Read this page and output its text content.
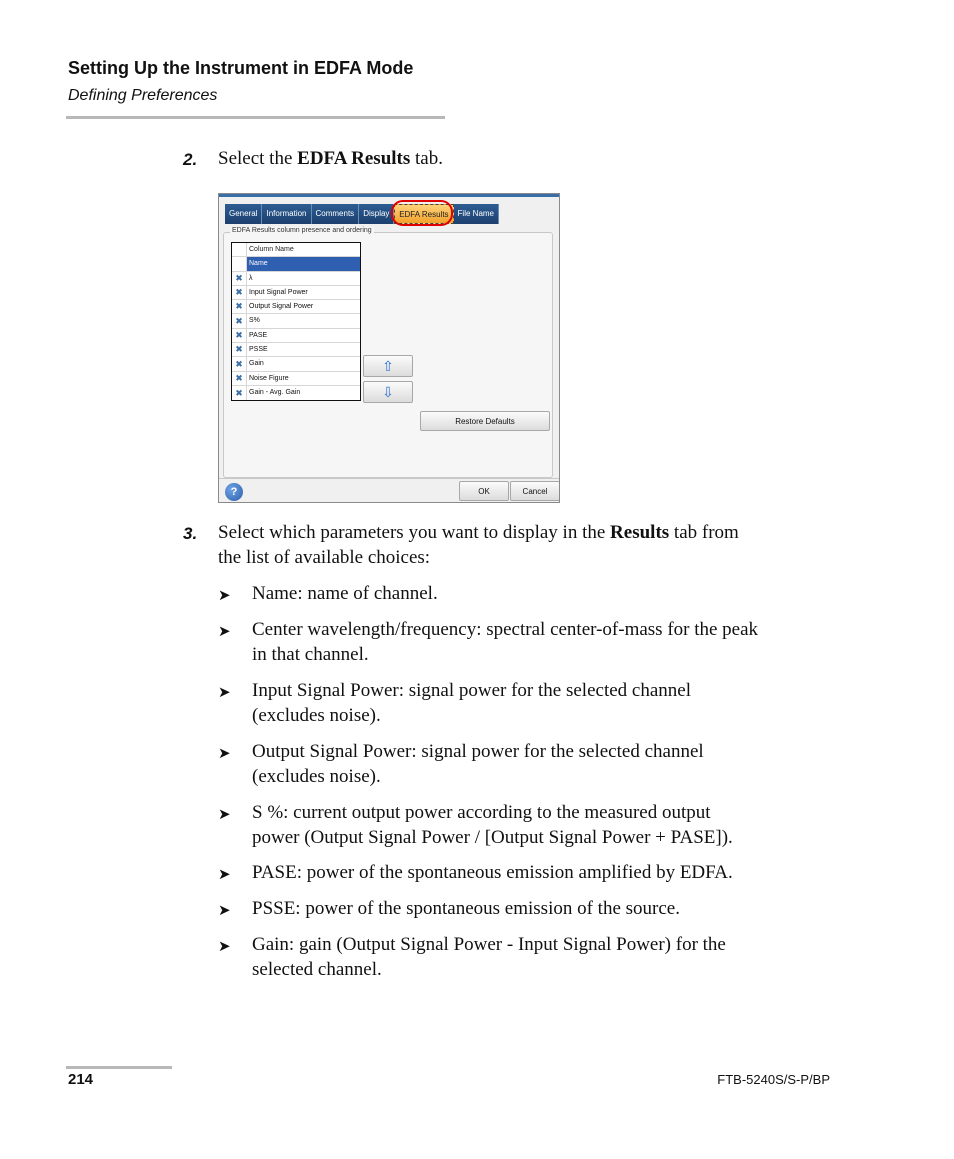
Setting Up the Instrument in EDFA Mode
Defining Preferences
2. Select the EDFA Results tab.
General	Information	Comments	Display	EDFA Results	File Name
EDFA Results column presence and ordering
Column Name
Name
✖ λ
✖ Input Signal Power
✖ Output Signal Power
✖ S%
✖ PASE
✖ PSSE
✖ Gain
✖ Noise Figure
✖ Gain - Avg. Gain
⇧
⇩
Restore Defaults
?	OK	Cancel
3. Select which parameters you want to display in the Results tab from
the list of available choices:
➤ Name: name of channel.
➤ Center wavelength/frequency: spectral center-of-mass for the peak
in that channel.
➤ Input Signal Power: signal power for the selected channel
(excludes noise).
➤ Output Signal Power: signal power for the selected channel
(excludes noise).
➤ S %: current output power according to the measured output
power (Output Signal Power / [Output Signal Power + PASE]).
➤ PASE: power of the spontaneous emission amplified by EDFA.
➤ PSSE: power of the spontaneous emission of the source.
➤ Gain: gain (Output Signal Power - Input Signal Power) for the
selected channel.
214	FTB-5240S/S-P/BP
